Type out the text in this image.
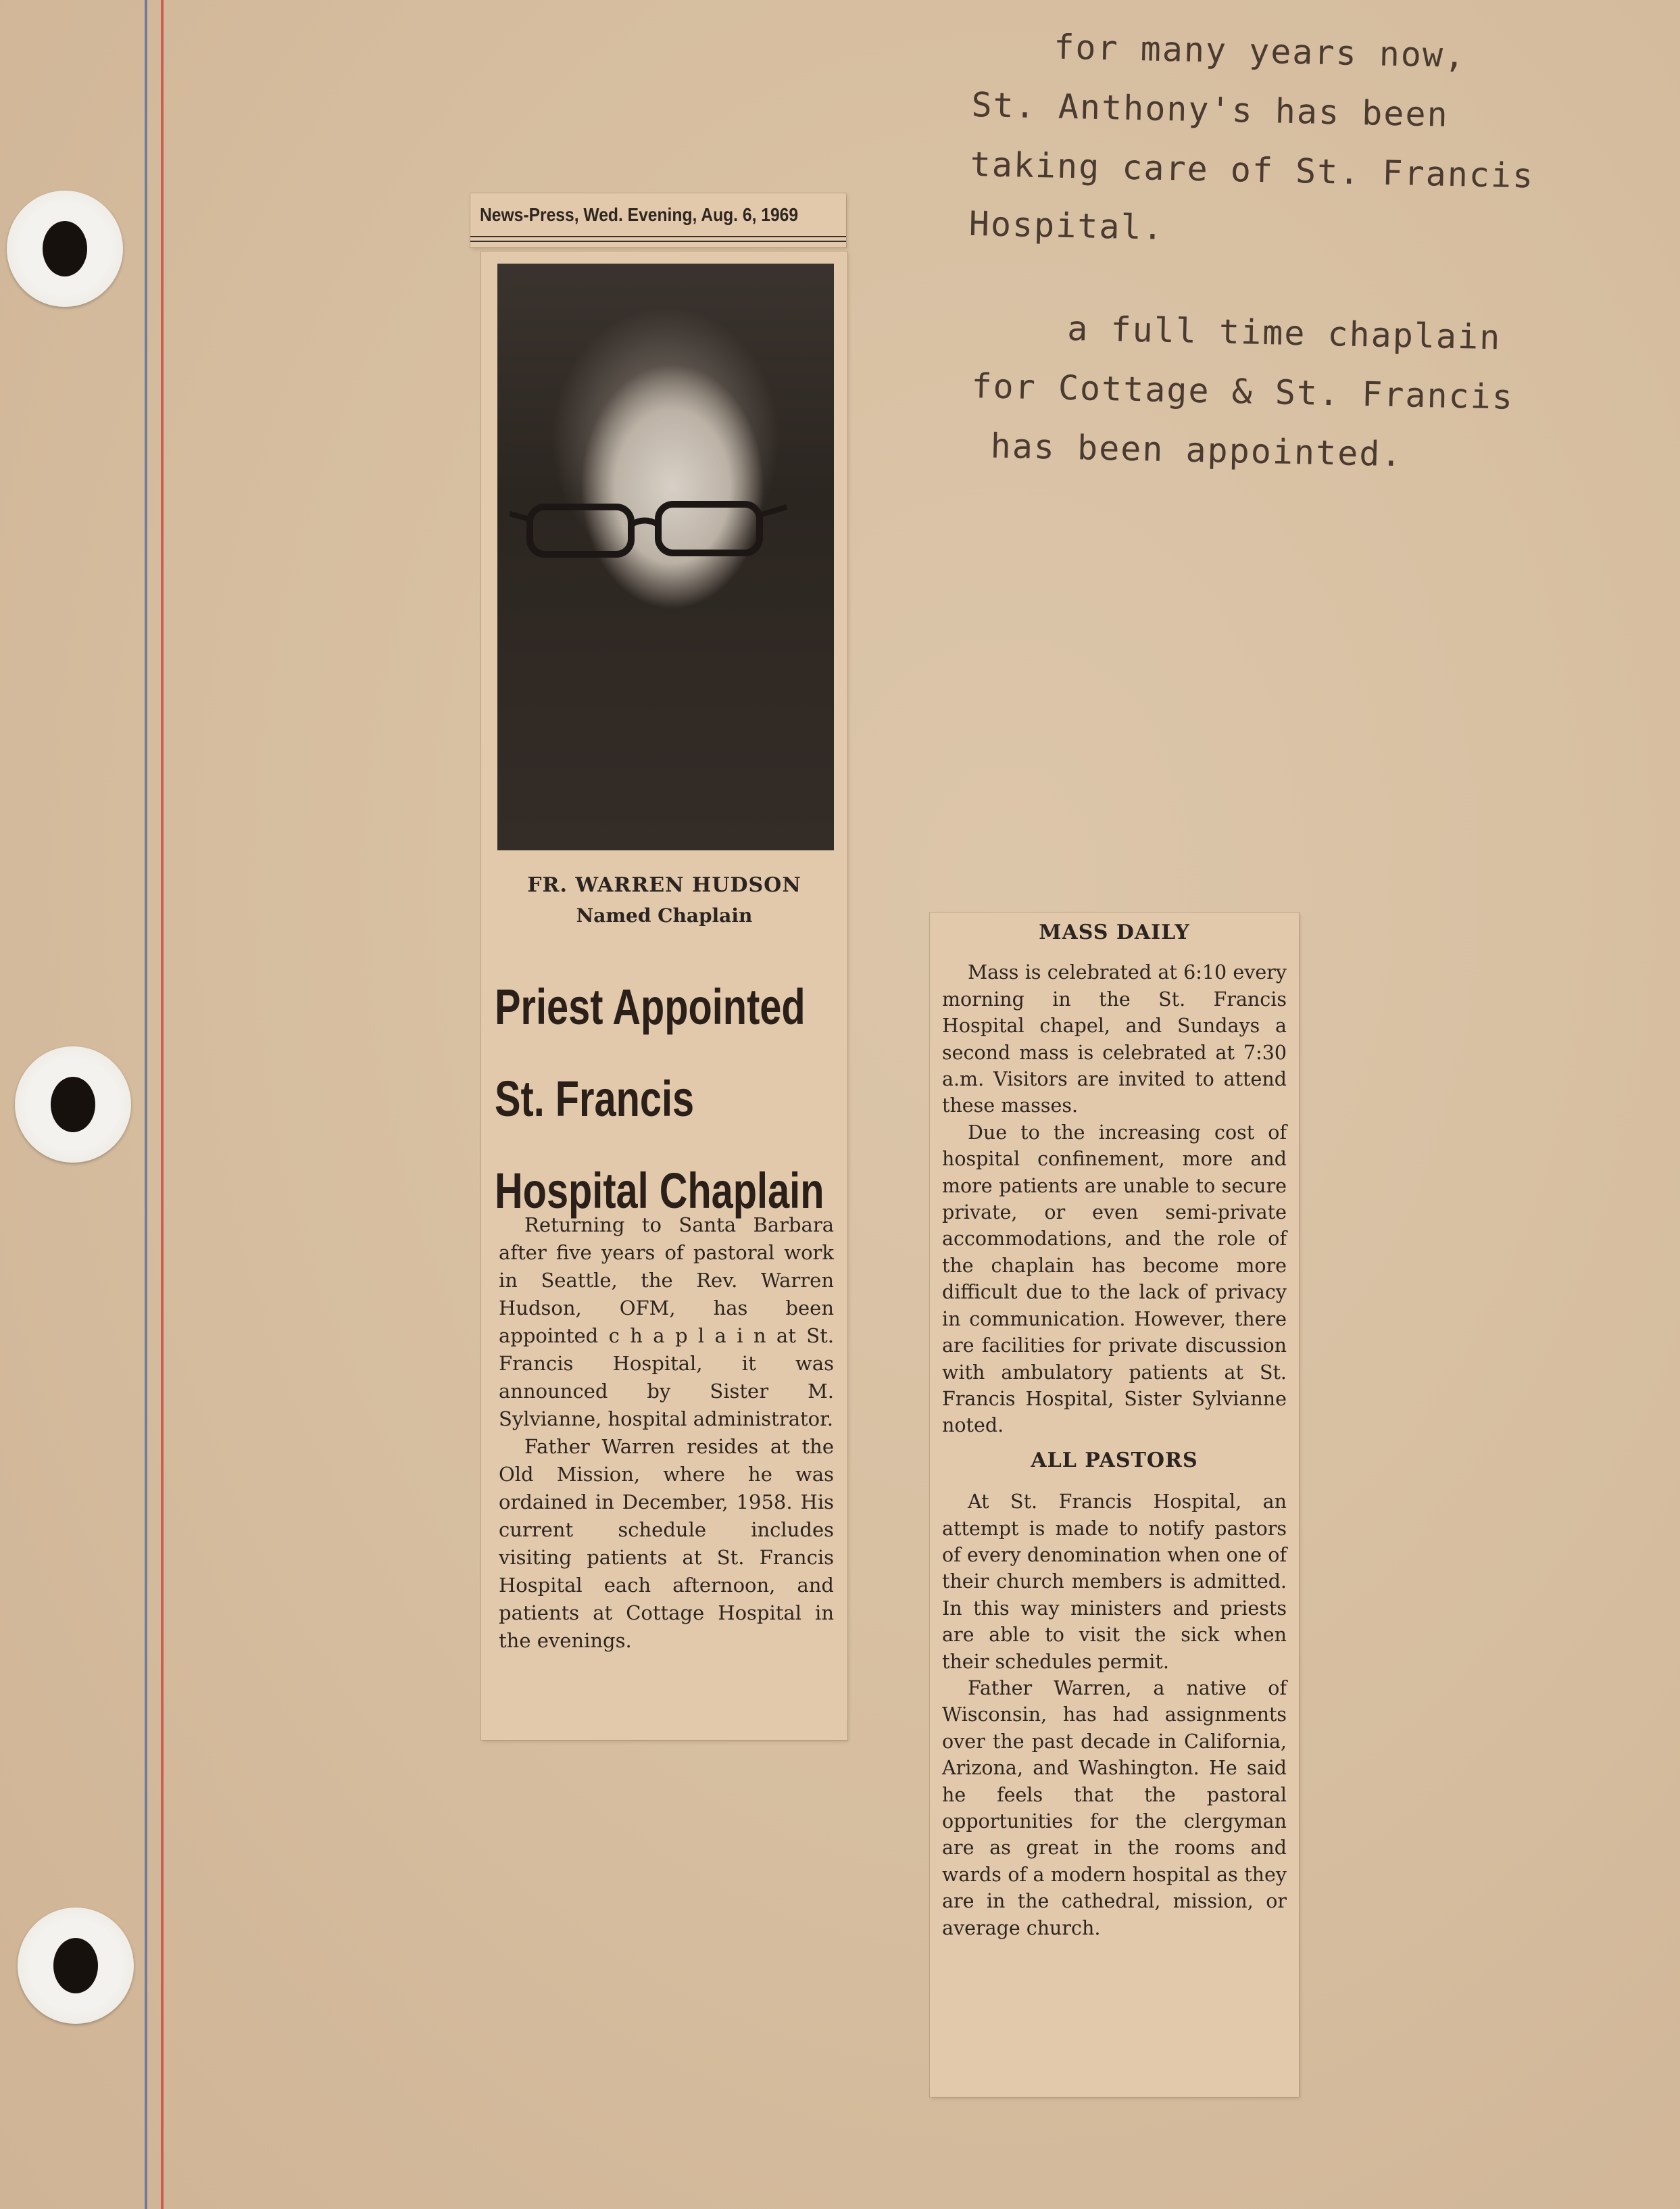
News-Press, Wed. Evening, Aug. 6, 1969
FR. WARREN HUDSON
Named Chaplain
Priest Appointed
St. Francis
Hospital Chaplain

Returning to Santa Barbara after five years of pastoral work in Seattle, the Rev. Warren Hudson, OFM, has been appointed c h a p l a i n at St. Francis Hospital, it was announced by Sister M. Sylvianne, hospital administrator.

Father Warren resides at the Old Mission, where he was ordained in December, 1958. His current schedule includes visiting patients at St. Francis Hospital each afternoon, and patients at Cottage Hospital in the evenings.

MASS DAILY

Mass is celebrated at 6:10 every morning in the St. Francis Hospital chapel, and Sundays a second mass is celebrated at 7:30 a.m. Visitors are invited to attend these masses.

Due to the increasing cost of hospital confinement, more and more patients are unable to secure private, or even semi-private accommodations, and the role of the chaplain has become more difficult due to the lack of privacy in communication. However, there are facilities for private discussion with ambulatory patients at St. Francis Hospital, Sister Sylvianne noted.

ALL PASTORS

At St. Francis Hospital, an attempt is made to notify pastors of every denomination when one of their church members is admitted. In this way ministers and priests are able to visit the sick when their schedules permit.

Father Warren, a native of Wisconsin, has had assignments over the past decade in California, Arizona, and Washington. He said he feels that the pastoral opportunities for the clergyman are as great in the rooms and wards of a modern hospital as they are in the cathedral, mission, or average church.

for many years now,
St. Anthony's has been
taking care of St. Francis
Hospital.
a full time chaplain
for Cottage & St. Francis
has been appointed.
